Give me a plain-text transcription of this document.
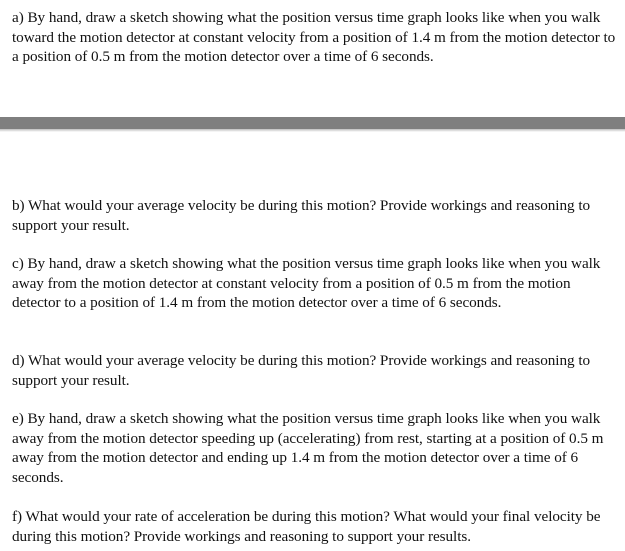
a) By hand, draw a sketch showing what the position versus time graph looks like when you walk toward the motion detector at constant velocity from a position of 1.4 m from the motion detector to a position of 0.5 m from the motion detector over a time of 6 seconds.

b) What would your average velocity be during this motion? Provide workings and reasoning to support your result.

c) By hand, draw a sketch showing what the position versus time graph looks like when you walk away from the motion detector at constant velocity from a position of 0.5 m from the motion detector to a position of 1.4 m from the motion detector over a time of 6 seconds.

d) What would your average velocity be during this motion? Provide workings and reasoning to support your result.

e) By hand, draw a sketch showing what the position versus time graph looks like when you walk away from the motion detector speeding up (accelerating) from rest, starting at a position of 0.5 m away from the motion detector and ending up 1.4 m from the motion detector over a time of 6 seconds.

f) What would your rate of acceleration be during this motion? What would your final velocity be during this motion? Provide workings and reasoning to support your results.
